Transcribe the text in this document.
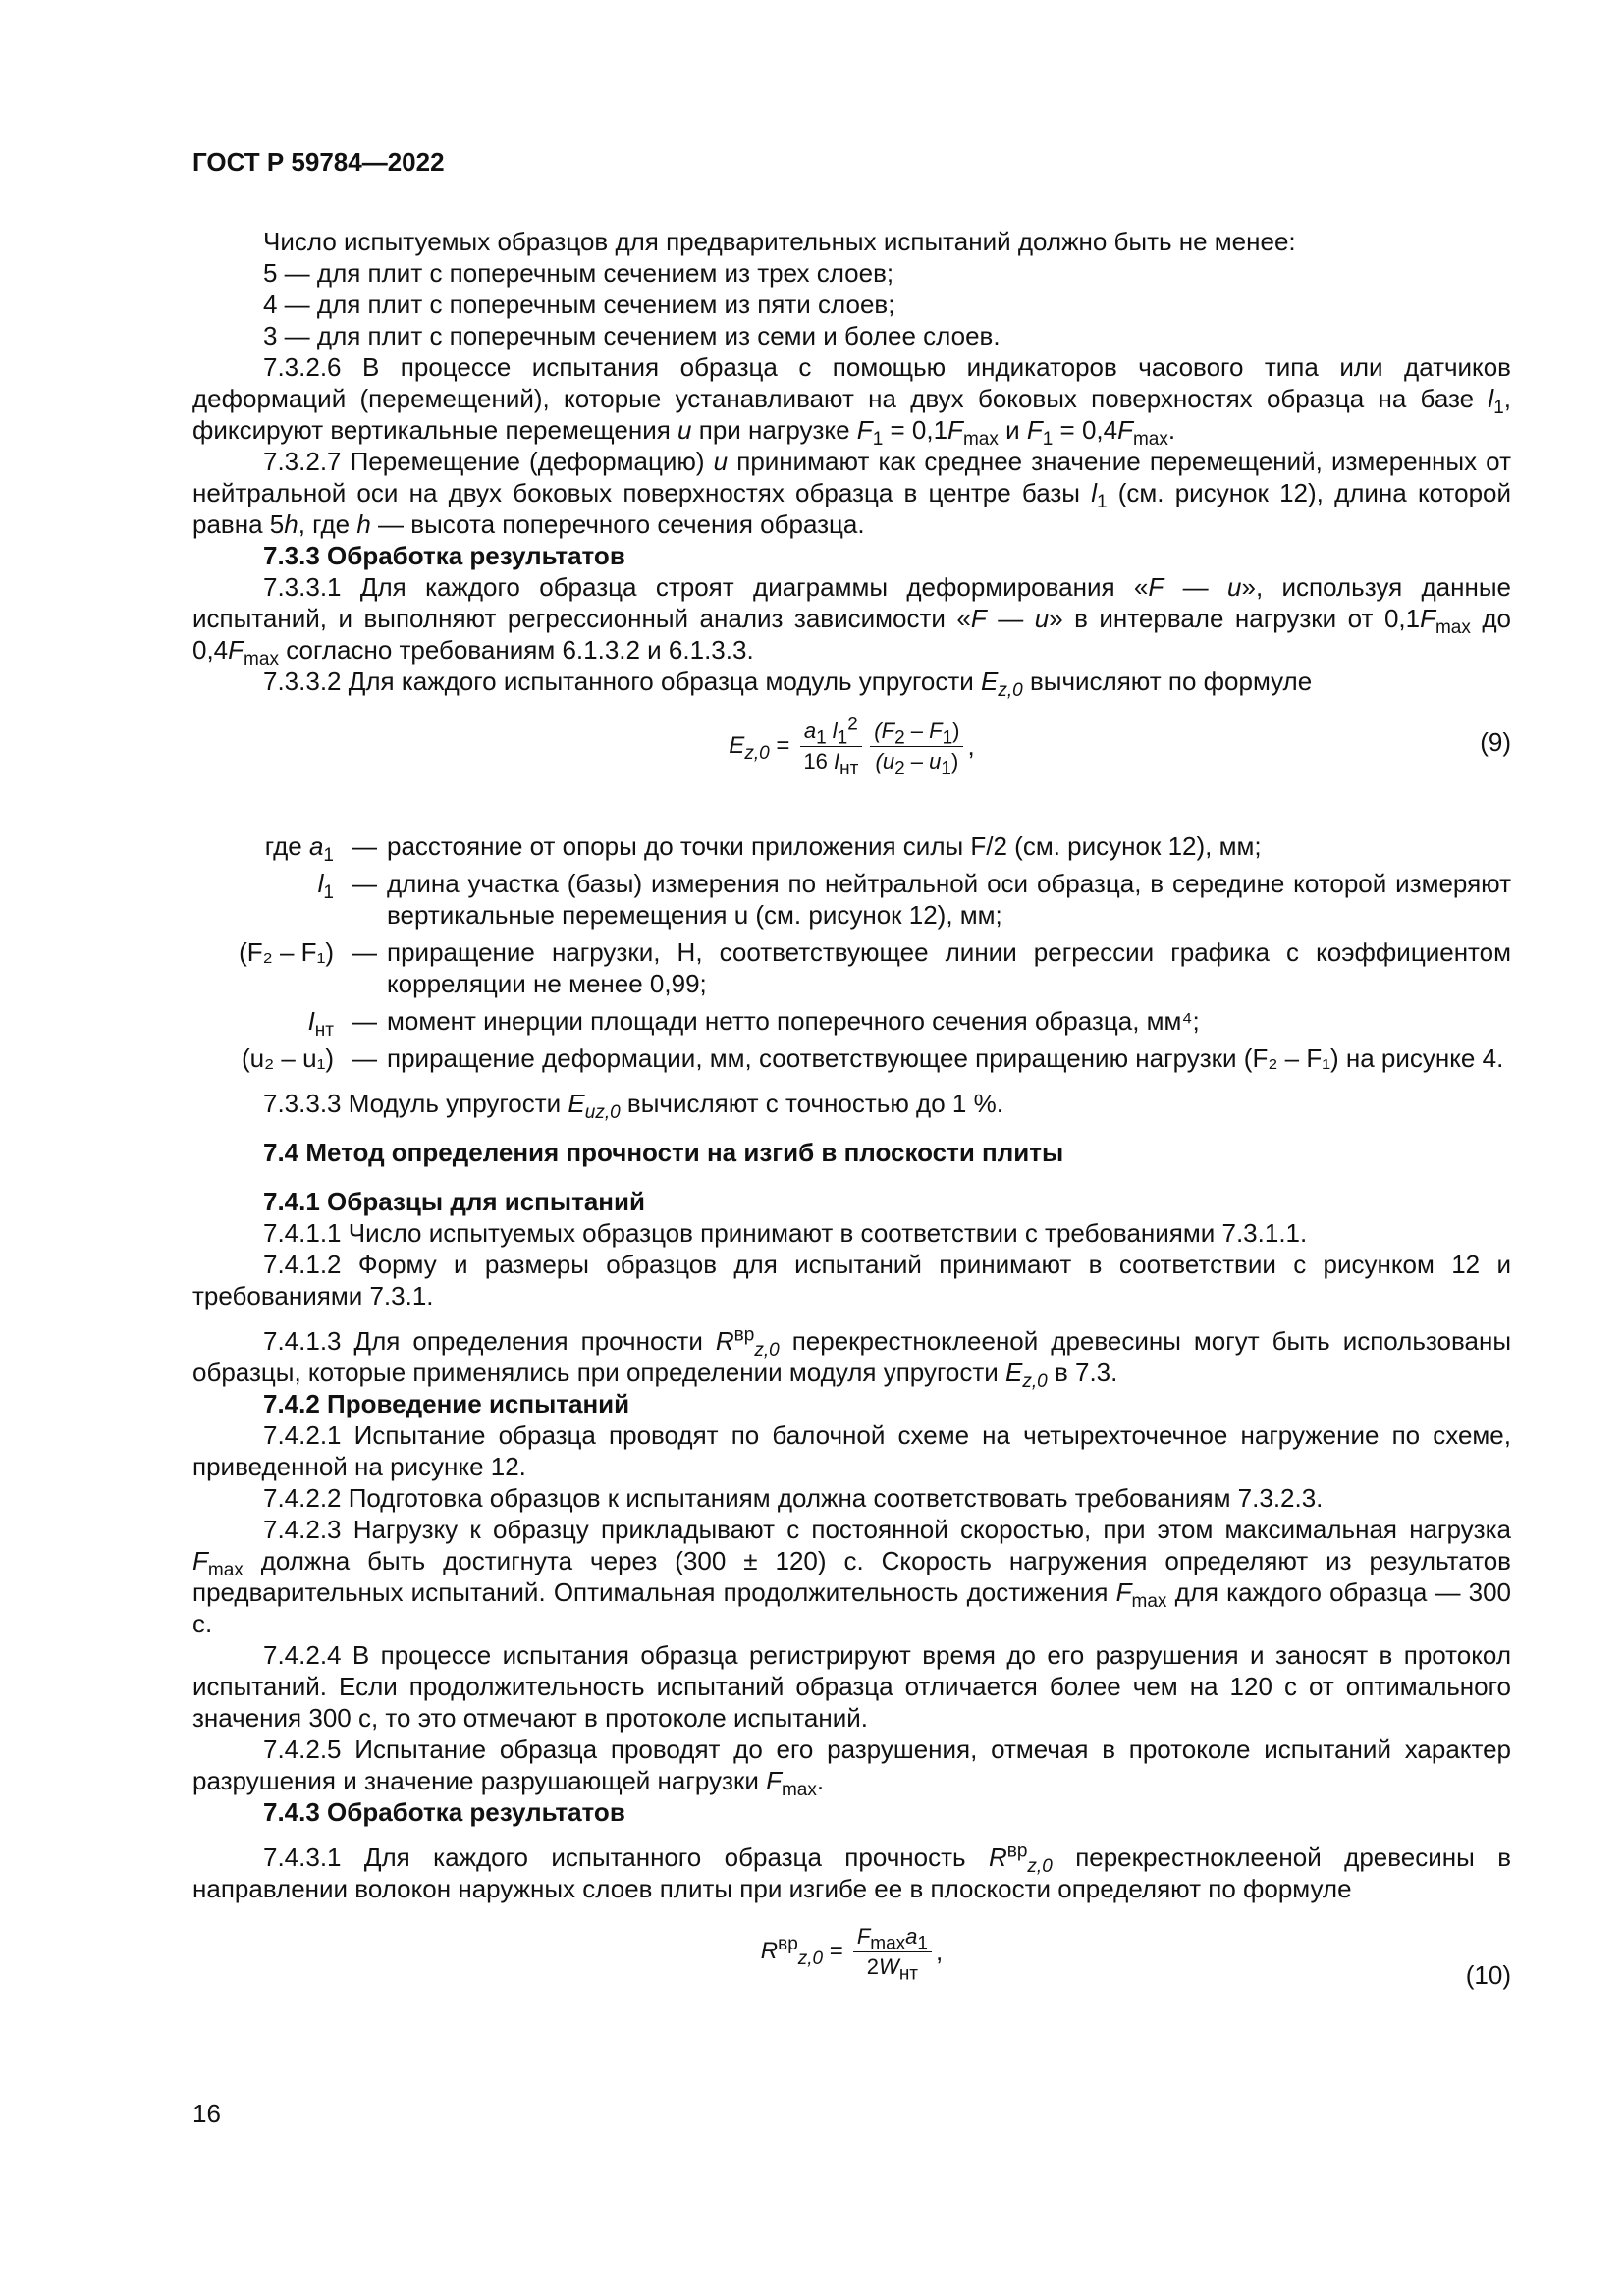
ГОСТ Р 59784—2022

Число испытуемых образцов для предварительных испытаний должно быть не менее:

5 — для плит с поперечным сечением из трех слоев;

4 — для плит с поперечным сечением из пяти слоев;

3 — для плит с поперечным сечением из семи и более слоев.

7.3.2.6 В процессе испытания образца с помощью индикаторов часового типа или датчиков деформаций (перемещений), которые устанавливают на двух боковых поверхностях образца на базе $l_1$, фиксируют вертикальные перемещения u при нагрузке $F_1 = 0,1F_{max}$ и $F_1 = 0,4F_{max}$.

7.3.2.7 Перемещение (деформацию) u принимают как среднее значение перемещений, измеренных от нейтральной оси на двух боковых поверхностях образца в центре базы $l_1$ (см. рисунок 12), длина которой равна 5h, где h — высота поперечного сечения образца.

7.3.3 Обработка результатов

7.3.3.1 Для каждого образца строят диаграммы деформирования «F — u», используя данные испытаний, и выполняют регрессионный анализ зависимости «F — u» в интервале нагрузки от $0,1F_{max}$ до $0,4F_{max}$ согласно требованиям 6.1.3.2 и 6.1.3.3.

7.3.3.2 Для каждого испытанного образца модуль упругости $E_{z,0}$ вычисляют по формуле

$E_{z,0} = \frac{a_1 l_1^2}{16 I_{нт}} \frac{(F_2 - F_1)}{(u_2 - u_1)}$ ,	(9)
где $a_1$ — расстояние от опоры до точки приложения силы F/2 (см. рисунок 12), мм;
$l_1$ — длина участка (базы) измерения по нейтральной оси образца, в середине которой измеряют вертикальные перемещения u (см. рисунок 12), мм;
(F₂ – F₁) — приращение нагрузки, Н, соответствующее линии регрессии графика с коэффициентом корреляции не менее 0,99;
$I_{нт}$ — момент инерции площади нетто поперечного сечения образца, мм⁴;
(u₂ – u₁) — приращение деформации, мм, соответствующее приращению нагрузки (F₂ – F₁) на рисунке 4.

7.3.3.3 Модуль упругости $E_{uz,0}$ вычисляют с точностью до 1 %.

7.4 Метод определения прочности на изгиб в плоскости плиты

7.4.1 Образцы для испытаний

7.4.1.1 Число испытуемых образцов принимают в соответствии с требованиями 7.3.1.1.

7.4.1.2 Форму и размеры образцов для испытаний принимают в соответствии с рисунком 12 и требованиями 7.3.1.

7.4.1.3 Для определения прочности $R^{вр}_{z,0}$ перекрестноклееной древесины могут быть использованы образцы, которые применялись при определении модуля упругости $E_{z,0}$ в 7.3.

7.4.2 Проведение испытаний

7.4.2.1 Испытание образца проводят по балочной схеме на четырехточечное нагружение по схеме, приведенной на рисунке 12.

7.4.2.2 Подготовка образцов к испытаниям должна соответствовать требованиям 7.3.2.3.

7.4.2.3 Нагрузку к образцу прикладывают с постоянной скоростью, при этом максимальная нагрузка $F_{max}$ должна быть достигнута через (300 ± 120) с. Скорость нагружения определяют из результатов предварительных испытаний. Оптимальная продолжительность достижения $F_{max}$ для каждого образца — 300 с.

7.4.2.4 В процессе испытания образца регистрируют время до его разрушения и заносят в протокол испытаний. Если продолжительность испытаний образца отличается более чем на 120 с от оптимального значения 300 с, то это отмечают в протоколе испытаний.

7.4.2.5 Испытание образца проводят до его разрушения, отмечая в протоколе испытаний характер разрушения и значение разрушающей нагрузки $F_{max}$.

7.4.3 Обработка результатов

7.4.3.1 Для каждого испытанного образца прочность $R^{вр}_{z,0}$ перекрестноклееной древесины в направлении волокон наружных слоев плиты при изгибе ее в плоскости определяют по формуле

$R^{вр}_{z,0} = \frac{F_{max}a_1}{2W_{нт}}$ ,
(10)
16
